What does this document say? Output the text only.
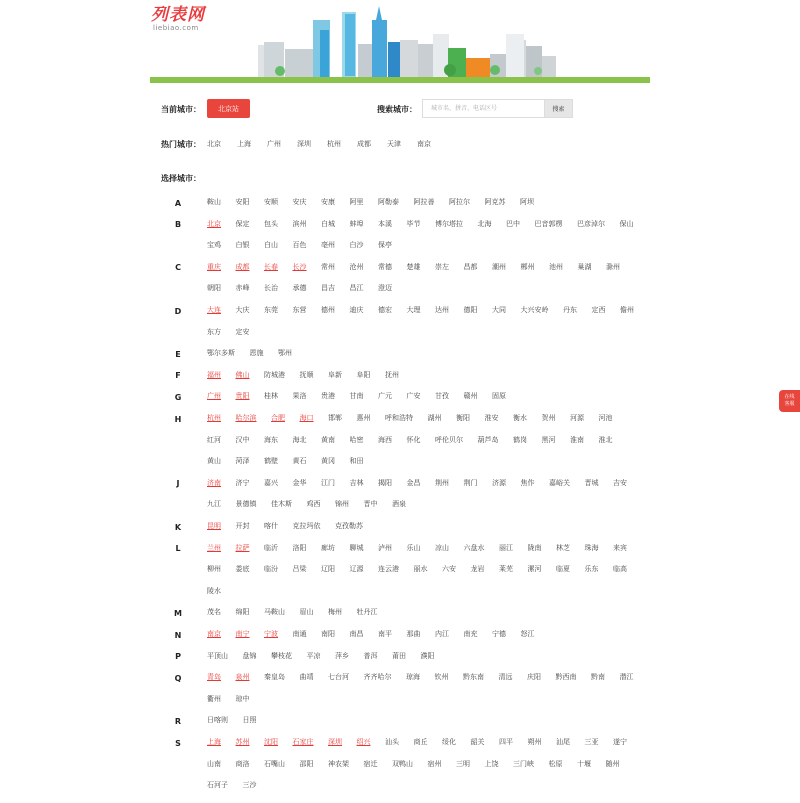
列表网
liebiao.com
当前城市：	北京站	搜索城市：
城市名、拼音、电话区号	搜索
热门城市： 北京 上海 广州 深圳 杭州 成都 天津 南京
选择城市：
A	鞍山 安阳 安顺 安庆 安康 阿里 阿勒泰 阿拉善 阿拉尔 阿克苏 阿坝
B	北京 保定 包头 滨州 白城 蚌埠 本溪 毕节 博尔塔拉 北海 巴中 巴音郭楞 巴彦淖尔 保山
宝鸡 白银 白山 百色 亳州 白沙 保亭
C	重庆 成都 长春 长沙 常州 沧州 常德 楚雄 崇左 昌都 潮州 郴州 池州 巢湖 滁州
朝阳 赤峰 长治 承德 昌吉 昌江 澄迈
D	大连 大庆 东莞 东营 德州 迪庆 德宏 大理 达州 德阳 大同 大兴安岭 丹东 定西 儋州
东方 定安
E	鄂尔多斯 恩施 鄂州
F	福州 佛山 防城港 抚顺 阜新 阜阳 抚州
G	广州 贵阳 桂林 果洛 贵港 甘南 广元 广安 甘孜 赣州 固原
H	杭州 哈尔滨 合肥 海口 邯郸 惠州 呼和浩特 湖州 衡阳 淮安 衡水 贺州 河源 河池
红河 汉中 海东 海北 黄南 哈密 海西 怀化 呼伦贝尔 葫芦岛 鹤岗 黑河 淮南 淮北
黄山 菏泽 鹤壁 黄石 黄冈 和田
J	济南 济宁 嘉兴 金华 江门 吉林 揭阳 金昌 荆州 荆门 济源 焦作 嘉峪关 晋城 吉安
九江 景德镇 佳木斯 鸡西 锦州 晋中 酒泉
K	昆明 开封 喀什 克拉玛依 克孜勒苏
L	兰州 拉萨 临沂 洛阳 廊坊 聊城 泸州 乐山 凉山 六盘水 丽江 陇南 林芝 珠海 来宾
柳州 娄底 临汾 吕梁 辽阳 辽源 连云港 丽水 六安 龙岩 莱芜 漯河 临夏 乐东 临高
陵水
M	茂名 绵阳 马鞍山 眉山 梅州 牡丹江
N	南京 南宁 宁波 南通 南阳 南昌 南平 那曲 内江 南充 宁德 怒江
P	平顶山 盘锦 攀枝花 平凉 萍乡 普洱 莆田 濮阳
Q	青岛 泉州 秦皇岛 曲靖 七台河 齐齐哈尔 琼海 钦州 黔东南 清远 庆阳 黔西南 黔南 潜江
衢州 琼中
R	日喀则 日照
S	上海 苏州 沈阳 石家庄 深圳 绍兴 汕头 商丘 绥化 韶关 四平 朔州 汕尾 三亚 遂宁
山南 商洛 石嘴山 邵阳 神农架 宿迁 双鸭山 宿州 三明 上饶 三门峡 松原 十堰 随州
石河子 三沙
在线
客服
